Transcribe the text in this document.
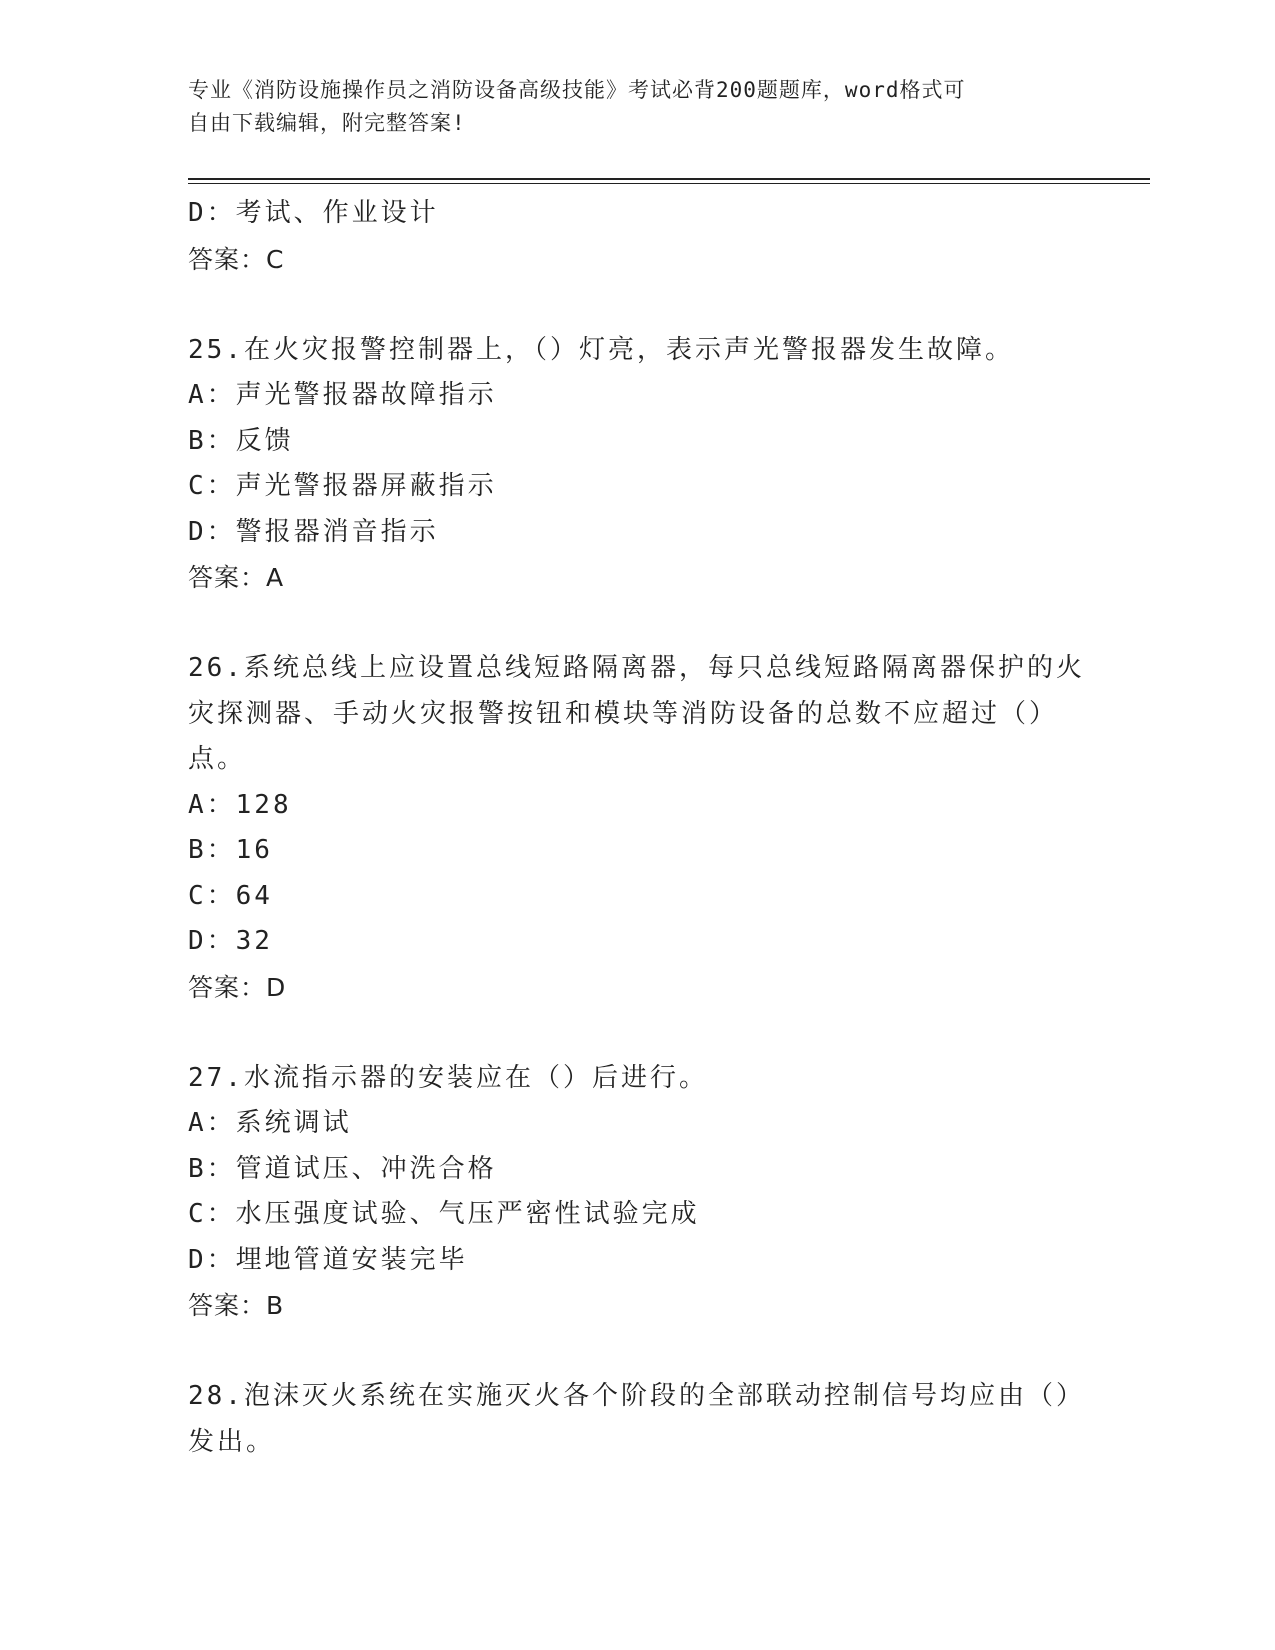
专业《消防设施操作员之消防设备高级技能》考试必背200题题库，word格式可
自由下载编辑，附完整答案!
D：考试、作业设计
答案：C
25.在火灾报警控制器上，（）灯亮，表示声光警报器发生故障。
A：声光警报器故障指示
B：反馈
C：声光警报器屏蔽指示
D：警报器消音指示
答案：A
26.系统总线上应设置总线短路隔离器，每只总线短路隔离器保护的火灾探测器、手动火灾报警按钮和模块等消防设备的总数不应超过（）点。
A：128
B：16
C：64
D：32
答案：D
27.水流指示器的安装应在（）后进行。
A：系统调试
B：管道试压、冲洗合格
C：水压强度试验、气压严密性试验完成
D：埋地管道安装完毕
答案：B
28.泡沫灭火系统在实施灭火各个阶段的全部联动控制信号均应由（）发出。
